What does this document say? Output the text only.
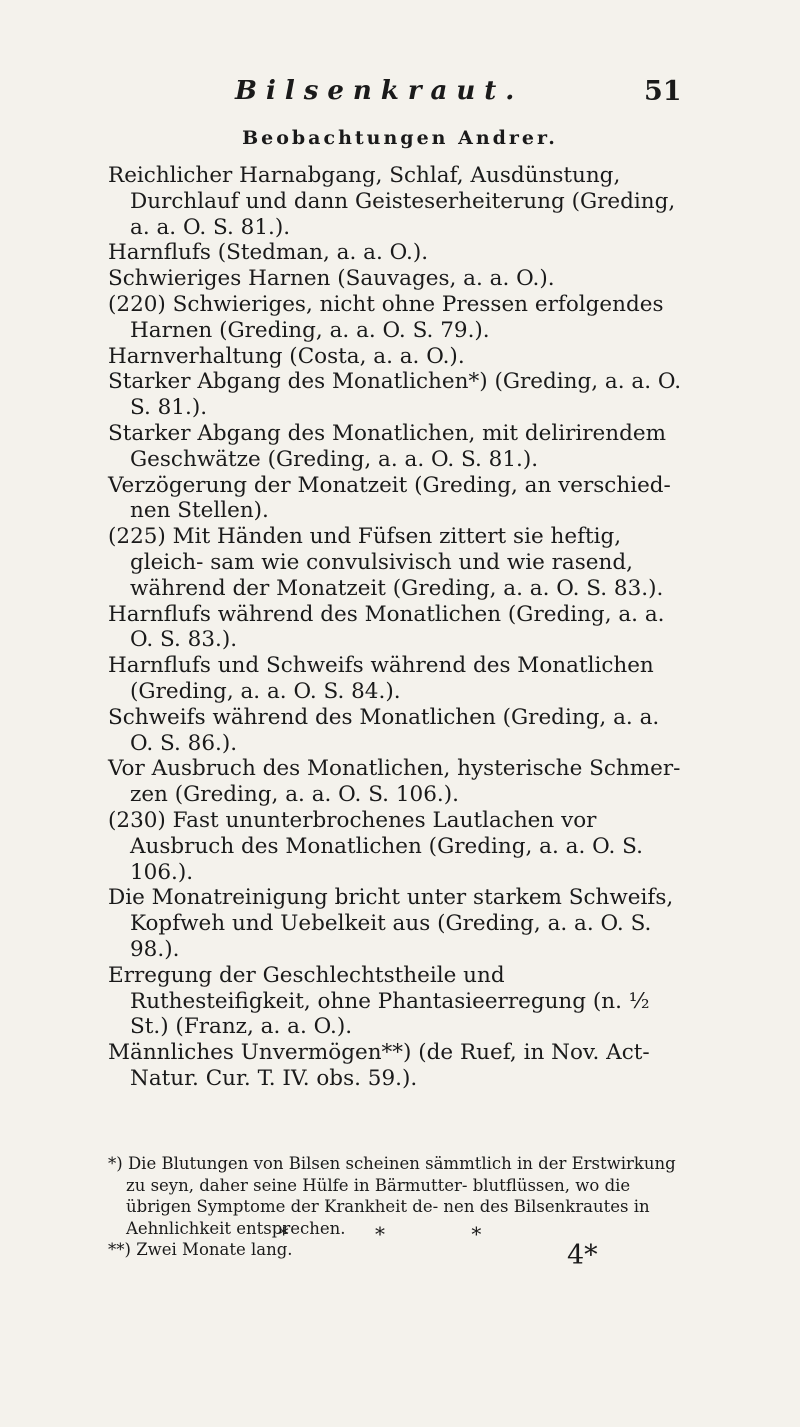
Bilsenkraut.	51
Beobachtungen Andrer.

Reichlicher Harnabgang, Schlaf, Ausdünstung, Durchlauf und dann Geisteserheiterung (Greding, a. a. O. S. 81.).

Harnflufs (Stedman, a. a. O.).

Schwieriges Harnen (Sauvages, a. a. O.).

(220) Schwieriges, nicht ohne Pressen erfolgendes Harnen (Greding, a. a. O. S. 79.).

Harnverhaltung (Costa, a. a. O.).

Starker Abgang des Monatlichen*) (Greding, a. a. O. S. 81.).

Starker Abgang des Monatlichen, mit delirirendem Geschwätze (Greding, a. a. O. S. 81.).

Verzögerung der Monatzeit (Greding, an verschied- nen Stellen).

(225) Mit Händen und Füfsen zittert sie heftig, gleich- sam wie convulsivisch und wie rasend, während der Monatzeit (Greding, a. a. O. S. 83.).

Harnflufs während des Monatlichen (Greding, a. a. O. S. 83.).

Harnflufs und Schweifs während des Monatlichen (Greding, a. a. O. S. 84.).

Schweifs während des Monatlichen (Greding, a. a. O. S. 86.).

Vor Ausbruch des Monatlichen, hysterische Schmer- zen (Greding, a. a. O. S. 106.).

(230) Fast ununterbrochenes Lautlachen vor Ausbruch des Monatlichen (Greding, a. a. O. S. 106.).

Die Monatreinigung bricht unter starkem Schweifs, Kopfweh und Uebelkeit aus (Greding, a. a. O. S. 98.).

Erregung der Geschlechtstheile und Ruthesteifigkeit, ohne Phantasieerregung (n. ½ St.) (Franz, a. a. O.).

Männliches Unvermögen**) (de Ruef, in Nov. Act- Natur. Cur. T. IV. obs. 59.).

*) Die Blutungen von Bilsen scheinen sämmtlich in der Erstwirkung zu seyn, daher seine Hülfe in Bärmutter- blutflüssen, wo die übrigen Symptome der Krankheit de- nen des Bilsenkrautes in Aehnlichkeit entsprechen.

**) Zwei Monate lang.

* * *
4*
